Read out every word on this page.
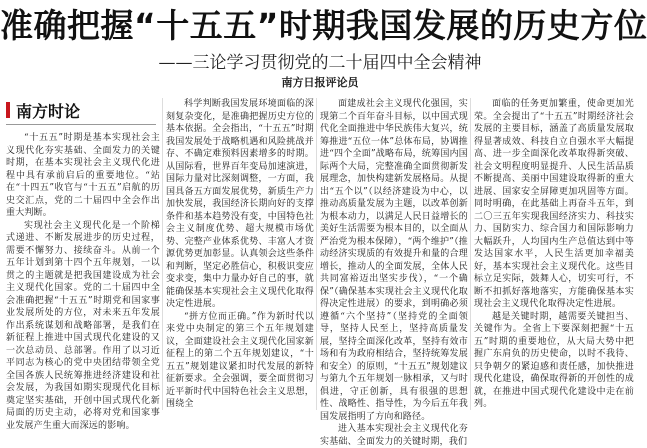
准确把握“十五五”时期我国发展的历史方位
——三论学习贯彻党的二十届四中全会精神
南方日报评论员
南方时论

“十五五”时期是基本实现社会主义现代化夯实基础、全面发力的关键时期，在基本实现社会主义现代化进程中具有承前启后的重要地位。“站在“十四五”收官与“十五五”启航的历史交汇点，党的二十届四中全会作出重大判断。

实现社会主义现代化是一个阶梯式递进、不断发展进步的历史过程，需要不懈努力、接续奋斗。从前一个五年计划到第十四个五年规划，一以贯之的主题就是把我国建设成为社会主义现代化国家。党的二十届四中全会准确把握“十五五”时期党和国家事业发展所处的方位，对未来五年发展作出系统谋划和战略部署，是我们在新征程上推进中国式现代化建设的又一次总动员、总部署。作用了以习近平同志为核心的党中央团结带领全党全国各族人民统筹推进经济建设和社会发展，为我国如期实现现代化目标奠定坚实基础，开创中国式现代化新局面的历史主动，必将对党和国家事业发展产生重大而深远的影响。

科学判断我国发展环境面临的深刻复杂变化，是准确把握历史方位的基本依据。全会指出，“十五五”时期我国发展处于战略机遇和风险挑战并存、不确定难预料因素增多的时期。从国际看，世界百年变局加速演进，国际力量对比深刻调整，一方面，我国具备五方面发展优势，新质生产力加快发展，我国经济长期向好的支撑条件和基本趋势没有变，中国特色社会主义制度优势、超大规模市场优势、完整产业体系优势、丰富人才资源优势更加彰显。认真领会这些条件和判断，坚定必胜信心，积极识变应变求变，集中力量办好自己的事，就能确保基本实现社会主义现代化取得决定性进展。

“拼方位而正确。”作为新时代以来党中央制定的第三个五年规划建议，全面建设社会主义现代化国家新征程上的第二个五年规划建议，“十五五”规划建议紧扣时代发展的新特征新要求。全会强调，要全面贯彻习近平新时代中国特色社会主义思想，围绕全

面建成社会主义现代化强国，实现第二个百年奋斗目标，以中国式现代化全面推进中华民族伟大复兴，统筹推进“五位一体”总体布局，协调推进“四个全面”战略布局，统筹国内国际两个大局，完整准确全面贯彻新发展理念，加快构建新发展格局。从提出“五个以”（以经济建设为中心，以推动高质量发展为主题，以改革创新为根本动力，以满足人民日益增长的美好生活需要为根本目的，以全面从严治党为根本保障），“两个维护”（推动经济实现质的有效提升和量的合理增长，推动人的全面发展，全体人民共同富裕迈出坚实步伐），“一个确保”（确保基本实现社会主义现代化取得决定性进展）的要求，到明确必须遵循“六个坚持”（坚持党的全面领导，坚持人民至上，坚持高质量发展，坚持全面深化改革，坚持有效市场和有为政府相结合，坚持统筹发展和安全）的原则，“十五五”规划建议与第九个五年规划一脉相承，又与时俱进，守正创新，具有很强的思想性、战略性、指导性，为今后五年我国发展指明了方向和路径。

进入基本实现社会主义现代化夯实基础、全面发力的关键时期，我们

面临的任务更加繁重，使命更加光荣。全会提出了“十五五”时期经济社会发展的主要目标，涵盖了高质量发展取得显著成效、科技自立自强水平大幅提高、进一步全面深化改革取得新突破、社会文明程度明显提升、人民生活品质不断提高、美丽中国建设取得新的重大进展、国家安全屏障更加巩固等方面。同时明确，在此基础上再奋斗五年，到二〇三五年实现我国经济实力、科技实力、国防实力、综合国力和国际影响力大幅跃升，人均国内生产总值达到中等发达国家水平，人民生活更加幸福美好，基本实现社会主义现代化。这些目标立足实际，鼓舞人心，切实可行，不断不扣抓好落地落实，方能确保基本实现社会主义现代化取得决定性进展。

越是关键时期，越需要关键担当、关键作为。全省上下要深刻把握“十五五”时期的重要地位，从大局大势中把握广东肩负的历史使命，以时不我待、只争朝夕的紧迫感和责任感，加快推进现代化建设，确保取得新的开创性的成就，在推进中国式现代化建设中走在前列。
